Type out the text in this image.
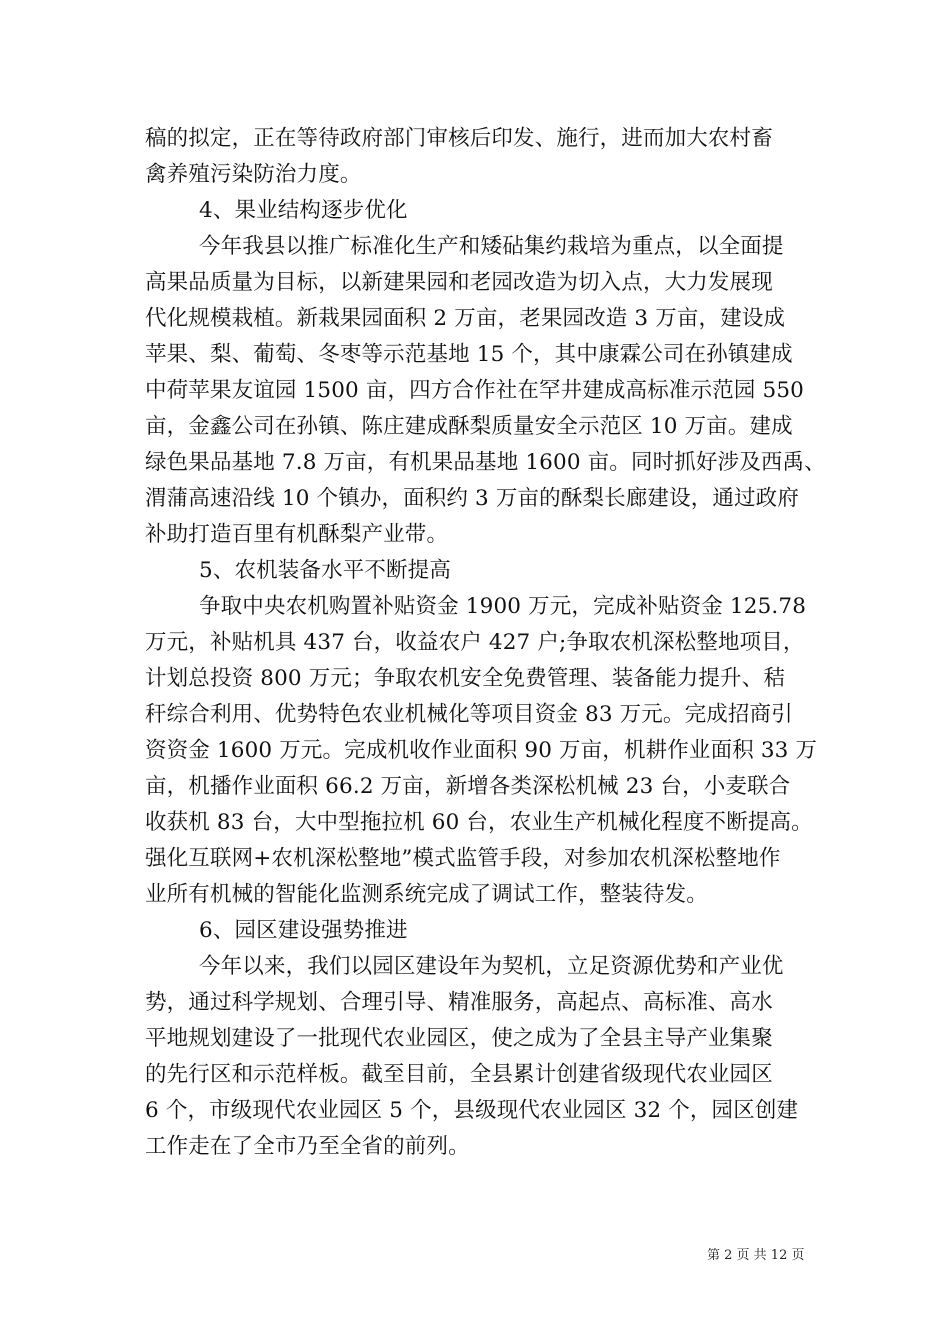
稿的拟定，正在等待政府部门审核后印发、施行，进而加大农村畜
禽养殖污染防治力度。
4、果业结构逐步优化
今年我县以推广标准化生产和矮砧集约栽培为重点，以全面提
高果品质量为目标，以新建果园和老园改造为切入点，大力发展现
代化规模栽植。新栽果园面积 2 万亩，老果园改造 3 万亩，建设成
苹果、梨、葡萄、冬枣等示范基地 15 个，其中康霖公司在孙镇建成
中荷苹果友谊园 1500 亩，四方合作社在罕井建成高标准示范园 550
亩，金鑫公司在孙镇、陈庄建成酥梨质量安全示范区 10 万亩。建成
绿色果品基地 7.8 万亩，有机果品基地 1600 亩。同时抓好涉及西禹、
渭蒲高速沿线 10 个镇办，面积约 3 万亩的酥梨长廊建设，通过政府
补助打造百里有机酥梨产业带。
5、农机装备水平不断提高
争取中央农机购置补贴资金 1900 万元，完成补贴资金 125.78
万元，补贴机具 437 台，收益农户 427 户;争取农机深松整地项目，
计划总投资 800 万元；争取农机安全免费管理、装备能力提升、秸
秆综合利用、优势特色农业机械化等项目资金 83 万元。完成招商引
资资金 1600 万元。完成机收作业面积 90 万亩，机耕作业面积 33 万
亩，机播作业面积 66.2 万亩，新增各类深松机械 23 台，小麦联合
收获机 83 台，大中型拖拉机 60 台，农业生产机械化程度不断提高。
强化互联网+农机深松整地”模式监管手段，对参加农机深松整地作
业所有机械的智能化监测系统完成了调试工作，整装待发。
6、园区建设强势推进
今年以来，我们以园区建设年为契机，立足资源优势和产业优
势，通过科学规划、合理引导、精准服务，高起点、高标准、高水
平地规划建设了一批现代农业园区，使之成为了全县主导产业集聚
的先行区和示范样板。截至目前，全县累计创建省级现代农业园区
6 个，市级现代农业园区 5 个，县级现代农业园区 32 个，园区创建
工作走在了全市乃至全省的前列。
第 2 页 共 12 页
